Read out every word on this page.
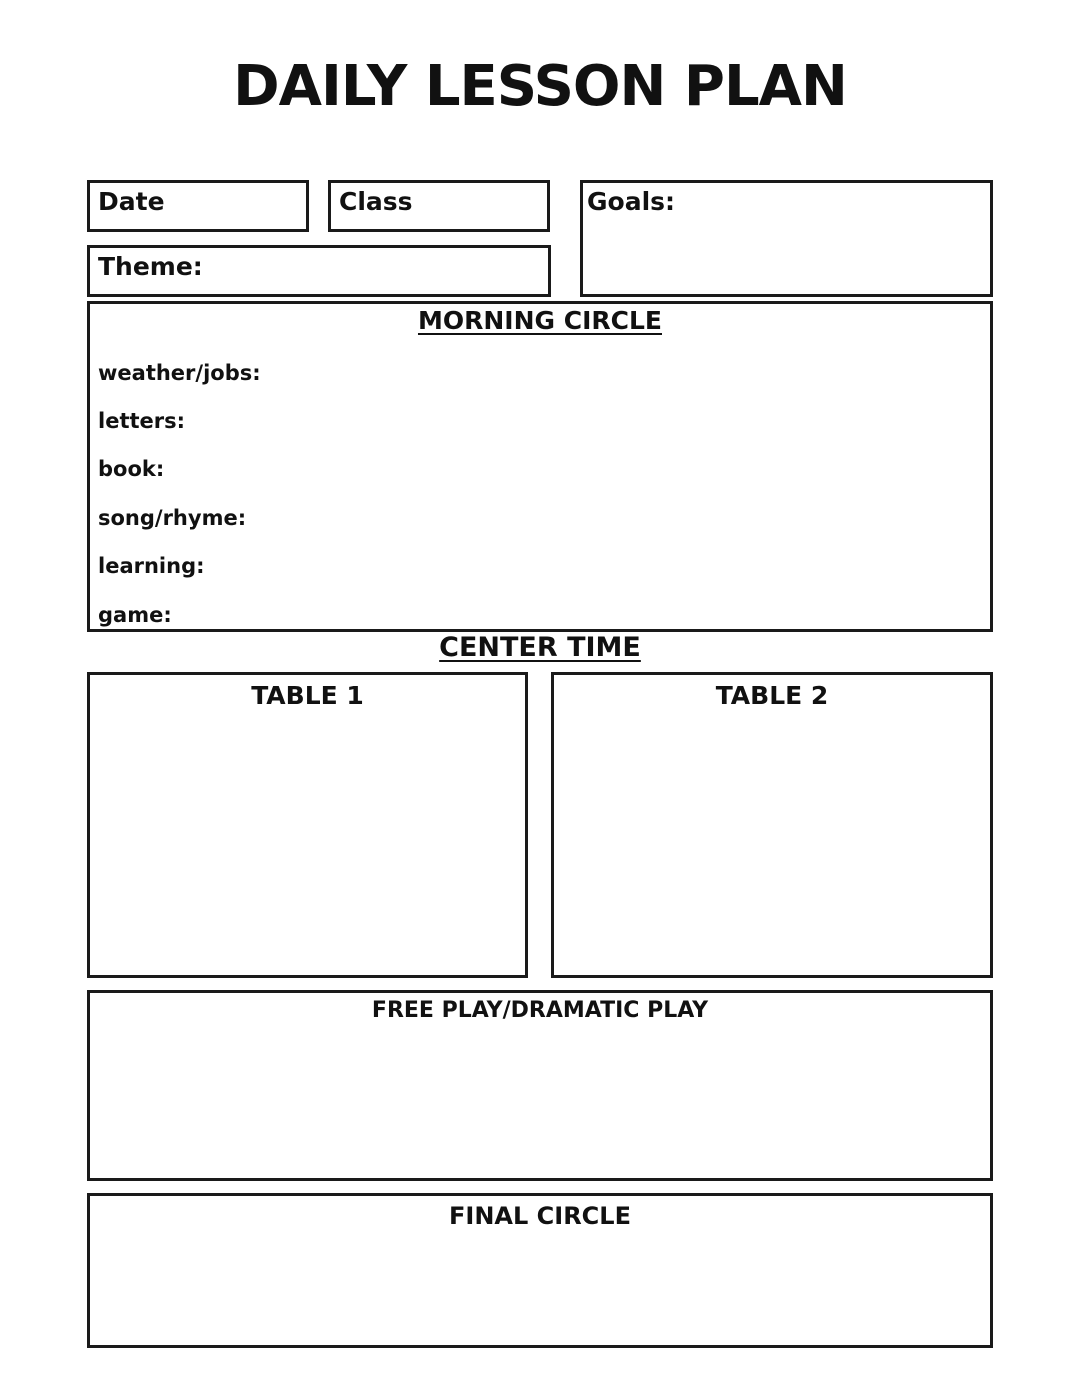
DAILY LESSON PLAN
Date	Class
Theme:
Goals:
MORNING CIRCLE
weather/jobs:
letters:
book:
song/rhyme:
learning:
game:
CENTER TIME
TABLE 1	TABLE 2
FREE PLAY/DRAMATIC PLAY
FINAL CIRCLE
